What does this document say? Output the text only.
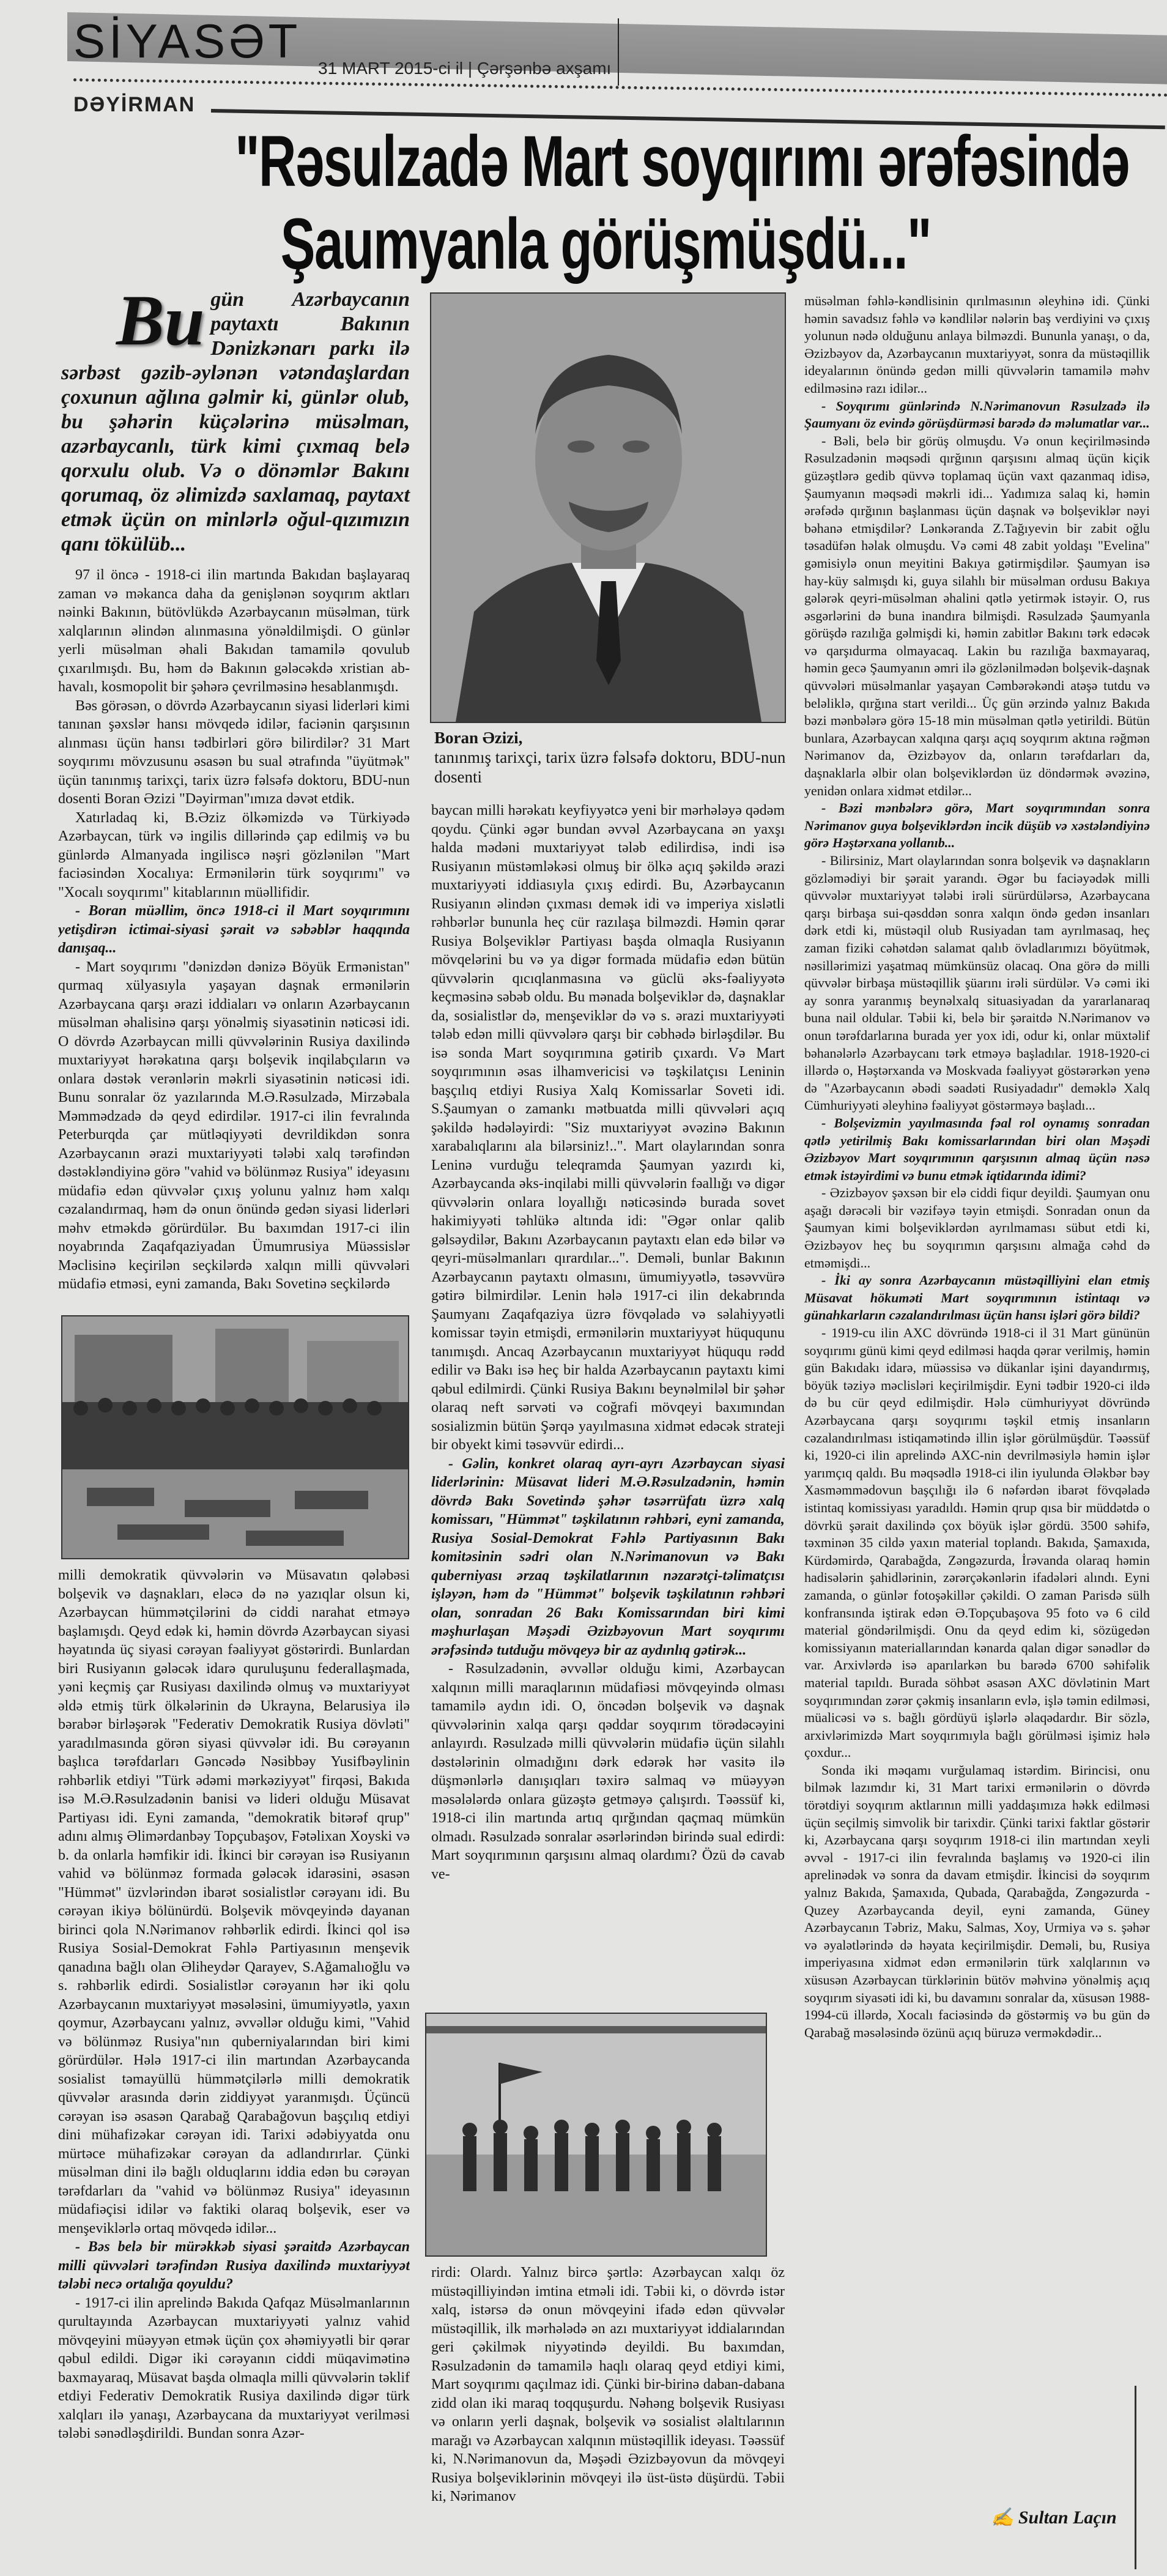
SİYASƏT
31 MART 2015-ci il | Çərşənbə axşamı
DƏYİRMAN
"Rəsulzadə Mart soyqırımı ərəfəsində
Şaumyanla görüşmüşdü..."
Bu gün Azərbaycanın paytaxtı Bakının Dənizkənarı parkı ilə sərbəst gəzib-əylənən vətəndaşlardan çoxunun ağlına gəlmir ki, günlər olub, bu şəhərin küçələrinə müsəlman, azərbaycanlı, türk kimi çıxmaq belə qorxulu olub. Və o dönəmlər Bakını qorumaq, öz əlimizdə saxlamaq, paytaxt etmək üçün on minlərlə oğul-qızımızın qanı tökülüb...

97 il öncə - 1918-ci ilin martında Bakıdan başlayaraq zaman və məkanca daha da genişlənən soyqırım aktları nəinki Bakının, bütövlükdə Azərbaycanın müsəlman, türk xalqlarının əlindən alınmasına yönəldilmişdi. O günlər yerli müsəlman əhali Bakıdan tamamilə qovulub çıxarılmışdı. Bu, həm də Bakının gələcəkdə xristian ab-havalı, kosmopolit bir şəhərə çevrilməsinə hesablanmışdı.

Bəs görəsən, o dövrdə Azərbaycanın siyasi liderləri kimi tanınan şəxslər hansı mövqedə idilər, faciənin qarşısının alınması üçün hansı tədbirləri görə bilirdilər? 31 Mart soyqırımı mövzusunu əsasən bu sual ətrafında "üyütmək" üçün tanınmış tarixçi, tarix üzrə fəlsəfə doktoru, BDU-nun dosenti Boran Əzizi "Dəyirman"ımıza dəvət etdik.

Xatırladaq ki, B.Əziz ölkəmizdə və Türkiyədə Azərbaycan, türk və ingilis dillərində çap edilmiş və bu günlərdə Almanyada ingiliscə nəşri gözlənilən "Mart faciəsindən Xocalıya: Ermənilərin türk soyqırımı" və "Xocalı soyqırımı" kitablarının müəllifidir.

- Boran müəllim, öncə 1918-ci il Mart soyqırımını yetişdirən ictimai-siyasi şərait və səbəblər haqqında danışaq...

- Mart soyqırımı "dənizdən dənizə Böyük Ermənistan" qurmaq xülyasıyla yaşayan daşnak ermənilərin Azərbaycana qarşı ərazi iddiaları və onların Azərbaycanın müsəlman əhalisinə qarşı yönəlmiş siyasətinin nəticəsi idi. O dövrdə Azərbaycan milli qüvvələrinin Rusiya daxilində muxtariyyət hərəkatına qarşı bolşevik inqilabçıların və onlara dəstək verənlərin məkrli siyasətinin nəticəsi idi. Bunu sonralar öz yazılarında M.Ə.Rəsulzadə, Mirzəbala Məmmədzadə də qeyd edirdilər. 1917-ci ilin fevralında Peterburqda çar mütləqiyyəti devrildikdən sonra Azərbaycanın ərazi muxtariyyəti tələbi xalq tərəfindən dəstəkləndiyinə görə "vahid və bölünməz Rusiya" ideyasını müdafiə edən qüvvələr çıxış yolunu yalnız həm xalqı cəzalandırmaq, həm də onun önündə gedən siyasi liderləri məhv etməkdə görürdülər. Bu baxımdan 1917-ci ilin noyabrında Zaqafqaziyadan Ümumrusiya Müəssislər Məclisinə keçirilən seçkilərdə xalqın milli qüvvələri müdafiə etməsi, eyni zamanda, Bakı Sovetinə seçkilərdə

milli demokratik qüvvələrin və Müsavatın qələbəsi bolşevik və daşnakları, eləcə də nə yazıqlar olsun ki, Azərbaycan hümmətçilərini də ciddi narahat etməyə başlamışdı. Qeyd edək ki, həmin dövrdə Azərbaycan siyasi həyatında üç siyasi cərəyan fəaliyyət göstərirdi. Bunlardan biri Rusiyanın gələcək idarə quruluşunu federallaşmada, yəni keçmiş çar Rusiyası daxilində olmuş və muxtariyyət əldə etmiş türk ölkələrinin də Ukrayna, Belarusiya ilə bərabər birləşərək "Federativ Demokratik Rusiya dövləti" yaradılmasında görən siyasi qüvvələr idi. Bu cərəyanın başlıca tərəfdarları Gəncədə Nəsibbəy Yusifbəylinin rəhbərlik etdiyi "Türk ədəmi mərkəziyyət" firqəsi, Bakıda isə M.Ə.Rəsulzadənin banisi və lideri olduğu Müsavat Partiyası idi. Eyni zamanda, "demokratik bitərəf qrup" adını almış Əlimərdanbəy Topçubaşov, Fətəlixan Xoyski və b. da onlarla həmfikir idi. İkinci bir cərəyan isə Rusiyanın vahid və bölünməz formada gələcək idarəsini, əsasən "Hümmət" üzvlərindən ibarət sosialistlər cərəyanı idi. Bu cərəyan ikiyə bölünürdü. Bolşevik mövqeyində dayanan birinci qola N.Nərimanov rəhbərlik edirdi. İkinci qol isə Rusiya Sosial-Demokrat Fəhlə Partiyasının menşevik qanadına bağlı olan Əliheydər Qarayev, S.Ağamalıoğlu və s. rəhbərlik edirdi. Sosialistlər cərəyanın hər iki qolu Azərbaycanın muxtariyyət məsələsini, ümumiyyətlə, yaxın qoymur, Azərbaycanı yalnız, əvvəllər olduğu kimi, "Vahid və bölünməz Rusiya"nın quberniyalarından biri kimi görürdülər. Hələ 1917-ci ilin martından Azərbaycanda sosialist təmayüllü hümmətçilərlə milli demokratik qüvvələr arasında dərin ziddiyyət yaranmışdı. Üçüncü cərəyan isə əsasən Qarabağ Qarabağovun başçılıq etdiyi dini mühafizəkar cərəyan idi. Tarixi ədəbiyyatda onu mürtəce mühafizəkar cərəyan da adlandırırlar. Çünki müsəlman dini ilə bağlı olduqlarını iddia edən bu cərəyan tərəfdarları da "vahid və bölünməz Rusiya" ideyasının müdafiəçisi idilər və faktiki olaraq bolşevik, eser və menşeviklərlə ortaq mövqedə idilər...

- Bəs belə bir mürəkkəb siyasi şəraitdə Azərbaycan milli qüvvələri tərəfindən Rusiya daxilində muxtariyyət tələbi necə ortalığa qoyuldu?

- 1917-ci ilin aprelində Bakıda Qafqaz Müsəlmanlarının qurultayında Azərbaycan muxtariyyəti yalnız vahid mövqeyini müəyyən etmək üçün çox əhəmiyyətli bir qərar qəbul edildi. Digər iki cərəyanın ciddi müqavimətinə baxmayaraq, Müsavat başda olmaqla milli qüvvələrin təklif etdiyi Federativ Demokratik Rusiya daxilində digər türk xalqları ilə yanaşı, Azərbaycana da muxtariyyət verilməsi tələbi sənədləşdirildi. Bundan sonra Azər-

Boran Əzizi,
tanınmış tarixçi, tarix üzrə fəlsəfə doktoru, BDU-nun dosenti

baycan milli hərəkatı keyfiyyətcə yeni bir mərhələyə qədəm qoydu. Çünki əgər bundan əvvəl Azərbaycana ən yaxşı halda mədəni muxtariyyət tələb edilirdisə, indi isə Rusiyanın müstəmləkəsi olmuş bir ölkə açıq şəkildə ərazi muxtariyyəti iddiasıyla çıxış edirdi. Bu, Azərbaycanın Rusiyanın əlindən çıxması demək idi və imperiya xislətli rəhbərlər bununla heç cür razılaşa bilməzdi. Həmin qərar Rusiya Bolşeviklər Partiyası başda olmaqla Rusiyanın mövqelərini bu və ya digər formada müdafiə edən bütün qüvvələrin qıcıqlanmasına və güclü əks-fəaliyyətə keçməsinə səbəb oldu. Bu mənada bolşeviklər də, daşnaklar da, sosialistlər də, menşeviklər də və s. ərazi muxtariyyəti tələb edən milli qüvvələrə qarşı bir cəbhədə birləşdilər. Bu isə sonda Mart soyqırımına gətirib çıxardı. Və Mart soyqırımının əsas ilhamvericisi və təşkilatçısı Leninin başçılıq etdiyi Rusiya Xalq Komissarlar Soveti idi. S.Şaumyan o zamankı mətbuatda milli qüvvələri açıq şəkildə hədələyirdi: "Siz muxtariyyət əvəzinə Bakının xarabalıqlarını ala bilərsiniz!..". Mart olaylarından sonra Leninə vurduğu teleqramda Şaumyan yazırdı ki, Azərbaycanda əks-inqilabi milli qüvvələrin fəallığı və digər qüvvələrin onlara loyallığı nəticəsində burada sovet hakimiyyəti təhlükə altında idi: "Əgər onlar qalib gəlsəydilər, Bakını Azərbaycanın paytaxtı elan edə bilər və qeyri-müsəlmanları qırardılar...". Deməli, bunlar Bakının Azərbaycanın paytaxtı olmasını, ümumiyyətlə, təsəvvürə gətirə bilmirdilər. Lenin hələ 1917-ci ilin dekabrında Şaumyanı Zaqafqaziya üzrə fövqəladə və səlahiyyətli komissar təyin etmişdi, ermənilərin muxtariyyət hüququnu tanımışdı. Ancaq Azərbaycanın muxtariyyət hüququ rədd edilir və Bakı isə heç bir halda Azərbaycanın paytaxtı kimi qəbul edilmirdi. Çünki Rusiya Bakını beynəlmiləl bir şəhər olaraq neft sərvəti və coğrafi mövqeyi baxımından sosializmin bütün Şərqə yayılmasına xidmət edəcək strateji bir obyekt kimi təsəvvür edirdi...

- Gəlin, konkret olaraq ayrı-ayrı Azərbaycan siyasi liderlərinin: Müsavat lideri M.Ə.Rəsulzadənin, həmin dövrdə Bakı Sovetində şəhər təsərrüfatı üzrə xalq komissarı, "Hümmət" təşkilatının rəhbəri, eyni zamanda, Rusiya Sosial-Demokrat Fəhlə Partiyasının Bakı komitəsinin sədri olan N.Nərimanovun və Bakı quberniyası ərzaq təşkilatlarının nəzarətçi-təlimatçısı işləyən, həm də "Hümmət" bolşevik təşkilatının rəhbəri olan, sonradan 26 Bakı Komissarından biri kimi məşhurlaşan Məşədi Əzizbəyovun Mart soyqırımı ərəfəsində tutduğu mövqeyə bir az aydınlıq gətirək...

- Rəsulzadənin, əvvəllər olduğu kimi, Azərbaycan xalqının milli maraqlarının müdafiəsi mövqeyində olması tamamilə aydın idi. O, öncədən bolşevik və daşnak qüvvələrinin xalqa qarşı qəddar soyqırım törədəcəyini anlayırdı. Rəsulzadə milli qüvvələrin müdafiə üçün silahlı dəstələrinin olmadığını dərk edərək hər vasitə ilə düşmənlərlə danışıqları təxirə salmaq və müəyyən məsələlərdə onlara güzəştə getməyə çalışırdı. Təəssüf ki, 1918-ci ilin martında artıq qırğından qaçmaq mümkün olmadı. Rəsulzadə sonralar əsərlərindən birində sual edirdi: Mart soyqırımının qarşısını almaq olardımı? Özü də cavab ve-

rirdi: Olardı. Yalnız bircə şərtlə: Azərbaycan xalqı öz müstəqilliyindən imtina etməli idi. Təbii ki, o dövrdə istər xalq, istərsə də onun mövqeyini ifadə edən qüvvələr müstəqillik, ilk mərhələdə ən azı muxtariyyət iddialarından geri çəkilmək niyyətində deyildi. Bu baxımdan, Rəsulzadənin də tamamilə haqlı olaraq qeyd etdiyi kimi, Mart soyqırımı qaçılmaz idi. Çünki bir-birinə daban-dabana zidd olan iki maraq toqquşurdu. Nəhəng bolşevik Rusiyası və onların yerli daşnak, bolşevik və sosialist əlaltılarının marağı və Azərbaycan xalqının müstəqillik ideyası. Təəssüf ki, N.Nərimanovun da, Məşədi Əzizbəyovun da mövqeyi Rusiya bolşeviklərinin mövqeyi ilə üst-üstə düşürdü. Təbii ki, Nərimanov

müsəlman fəhlə-kəndlisinin qırılmasının əleyhinə idi. Çünki həmin savadsız fəhlə və kəndlilər nələrin baş verdiyini və çıxış yolunun nədə olduğunu anlaya bilməzdi. Bununla yanaşı, o da, Əzizbəyov da, Azərbaycanın muxtariyyət, sonra da müstəqillik ideyalarının önündə gedən milli qüvvələrin tamamilə məhv edilməsinə razı idilər...

- Soyqırımı günlərində N.Nərimanovun Rəsulzadə ilə Şaumyanı öz evində görüşdürməsi barədə də məlumatlar var...

- Bəli, belə bir görüş olmuşdu. Və onun keçirilməsində Rəsulzadənin məqsədi qırğının qarşısını almaq üçün kiçik güzəştlərə gedib qüvvə toplamaq üçün vaxt qazanmaq idisə, Şaumyanın məqsədi məkrli idi... Yadımıza salaq ki, həmin ərəfədə qırğının başlanması üçün daşnak və bolşeviklər nəyi bəhanə etmişdilər? Lənkəranda Z.Tağıyevin bir zabit oğlu təsadüfən həlak olmuşdu. Və cəmi 48 zabit yoldaşı "Evelina" gəmisiylə onun meyitini Bakıya gətirmişdilər. Şaumyan isə hay-küy salmışdı ki, guya silahlı bir müsəlman ordusu Bakıya gələrək qeyri-müsəlman əhalini qətlə yetirmək istəyir. O, rus əsgərlərini də buna inandıra bilmişdi. Rəsulzadə Şaumyanla görüşdə razılığa gəlmişdi ki, həmin zabitlər Bakını tərk edəcək və qarşıdurma olmayacaq. Lakin bu razılığa baxmayaraq, həmin gecə Şaumyanın əmri ilə gözlənilmədən bolşevik-daşnak qüvvələri müsəlmanlar yaşayan Cəmbərəkəndi atəşə tutdu və beləliklə, qırğına start verildi... Üç gün ərzində yalnız Bakıda bəzi mənbələrə görə 15-18 min müsəlman qətlə yetirildi. Bütün bunlara, Azərbaycan xalqına qarşı açıq soyqırım aktına rəğmən Nərimanov da, Əzizbəyov da, onların tərəfdarları da, daşnaklarla əlbir olan bolşeviklərdən üz döndərmək əvəzinə, yenidən onlara xidmət etdilər...

- Bəzi mənbələrə görə, Mart soyqırımından sonra Nərimanov guya bolşeviklərdən incik düşüb və xəstələndiyinə görə Həştərxana yollanıb...

- Bilirsiniz, Mart olaylarından sonra bolşevik və daşnakların gözləmədiyi bir şərait yarandı. Əgər bu faciəyədək milli qüvvələr muxtariyyət tələbi irəli sürürdülərsə, Azərbaycana qarşı birbaşa sui-qəsddən sonra xalqın öndə gedən insanları dərk etdi ki, müstəqil olub Rusiyadan tam ayrılmasaq, heç zaman fiziki cəhətdən salamat qalıb övladlarımızı böyütmək, nəsillərimizi yaşatmaq mümkünsüz olacaq. Ona görə də milli qüvvələr birbaşa müstəqillik şüarını irəli sürdülər. Və cəmi iki ay sonra yaranmış beynəlxalq situasiyadan da yararlanaraq buna nail oldular. Təbii ki, belə bir şəraitdə N.Nərimanov və onun tərəfdarlarına burada yer yox idi, odur ki, onlar müxtəlif bəhanələrlə Azərbaycanı tərk etməyə başladılar. 1918-1920-ci illərdə o, Həştərxanda və Moskvada fəaliyyət göstərərkən yenə də "Azərbaycanın əbədi səadəti Rusiyadadır" deməklə Xalq Cümhuriyyəti əleyhinə fəaliyyət göstərməyə başladı...

- Bolşevizmin yayılmasında fəal rol oynamış sonradan qətlə yetirilmiş Bakı komissarlarından biri olan Məşədi Əzizbəyov Mart soyqırımının qarşısının almaq üçün nəsə etmək istəyirdimi və bunu etmək iqtidarında idimi?

- Əzizbəyov şəxsən bir elə ciddi fiqur deyildi. Şaumyan onu aşağı dərəcəli bir vəzifəyə təyin etmişdi. Sonradan onun da Şaumyan kimi bolşeviklərdən ayrılmaması sübut etdi ki, Əzizbəyov heç bu soyqırımın qarşısını almağa cəhd də etməmişdi...

- İki ay sonra Azərbaycanın müstəqilliyini elan etmiş Müsavat hökuməti Mart soyqırımının istintaqı və günahkarların cəzalandırılması üçün hansı işləri görə bildi?

- 1919-cu ilin AXC dövründə 1918-ci il 31 Mart gününün soyqırımı günü kimi qeyd edilməsi haqda qərar verilmiş, həmin gün Bakıdakı idarə, müəssisə və dükanlar işini dayandırmış, böyük təziyə məclisləri keçirilmişdir. Eyni tədbir 1920-ci ildə də bu cür qeyd edilmişdir. Hələ cümhuriyyət dövründə Azərbaycana qarşı soyqırımı təşkil etmiş insanların cəzalandırılması istiqamətində illin işlər görülmüşdür. Təəssüf ki, 1920-ci ilin aprelində AXC-nin devrilməsiylə həmin işlər yarımçıq qaldı. Bu məqsədlə 1918-ci ilin iyulunda Ələkbər bəy Xasməmmədovun başçılığı ilə 6 nəfərdən ibarət fövqəladə istintaq komissiyası yaradıldı. Həmin qrup qısa bir müddətdə o dövrkü şərait daxilində çox böyük işlər gördü. 3500 səhifə, təxminən 35 cildə yaxın material toplandı. Bakıda, Şamaxıda, Kürdəmirdə, Qarabağda, Zəngəzurda, İrəvanda olaraq həmin hadisələrin şahidlərinin, zərərçəkənlərin ifadələri alındı. Eyni zamanda, o günlər fotoşəkillər çəkildi. O zaman Parisdə sülh konfransında iştirak edən Ə.Topçubaşova 95 foto və 6 cild material göndərilmişdi. Onu da qeyd edim ki, sözügedən komissiyanın materiallarından kənarda qalan digər sənədlər də var. Arxivlərdə isə aparılarkən bu barədə 6700 səhifəlik material tapıldı. Burada söhbət əsasən AXC dövlətinin Mart soyqırımından zərər çəkmiş insanların evlə, işlə təmin edilməsi, müalicəsi və s. bağlı gördüyü işlərlə əlaqədardır. Bir sözlə, arxivlərimizdə Mart soyqırımıyla bağlı görülməsi işimiz hələ çoxdur...

Sonda iki məqamı vurğulamaq istərdim. Birincisi, onu bilmək lazımdır ki, 31 Mart tarixi ermənilərin o dövrdə törətdiyi soyqırım aktlarının milli yaddaşımıza həkk edilməsi üçün seçilmiş simvolik bir tarixdir. Çünki tarixi faktlar göstərir ki, Azərbaycana qarşı soyqırım 1918-ci ilin martından xeyli əvvəl - 1917-ci ilin fevralında başlamış və 1920-ci ilin aprelinədək və sonra da davam etmişdir. İkincisi də soyqırım yalnız Bakıda, Şamaxıda, Qubada, Qarabağda, Zəngəzurda - Quzey Azərbaycanda deyil, eyni zamanda, Güney Azərbaycanın Təbriz, Maku, Salmas, Xoy, Urmiya və s. şəhər və əyalətlərində də həyata keçirilmişdir. Deməli, bu, Rusiya imperiyasına xidmət edən ermənilərin türk xalqlarının və xüsusən Azərbaycan türklərinin bütöv məhvinə yönəlmiş açıq soyqırım siyasəti idi ki, bu davamını sonralar da, xüsusən 1988-1994-cü illərdə, Xocalı faciəsində də göstərmiş və bu gün də Qarabağ məsələsində özünü açıq büruzə verməkdədir...

✍ Sultan Laçın
